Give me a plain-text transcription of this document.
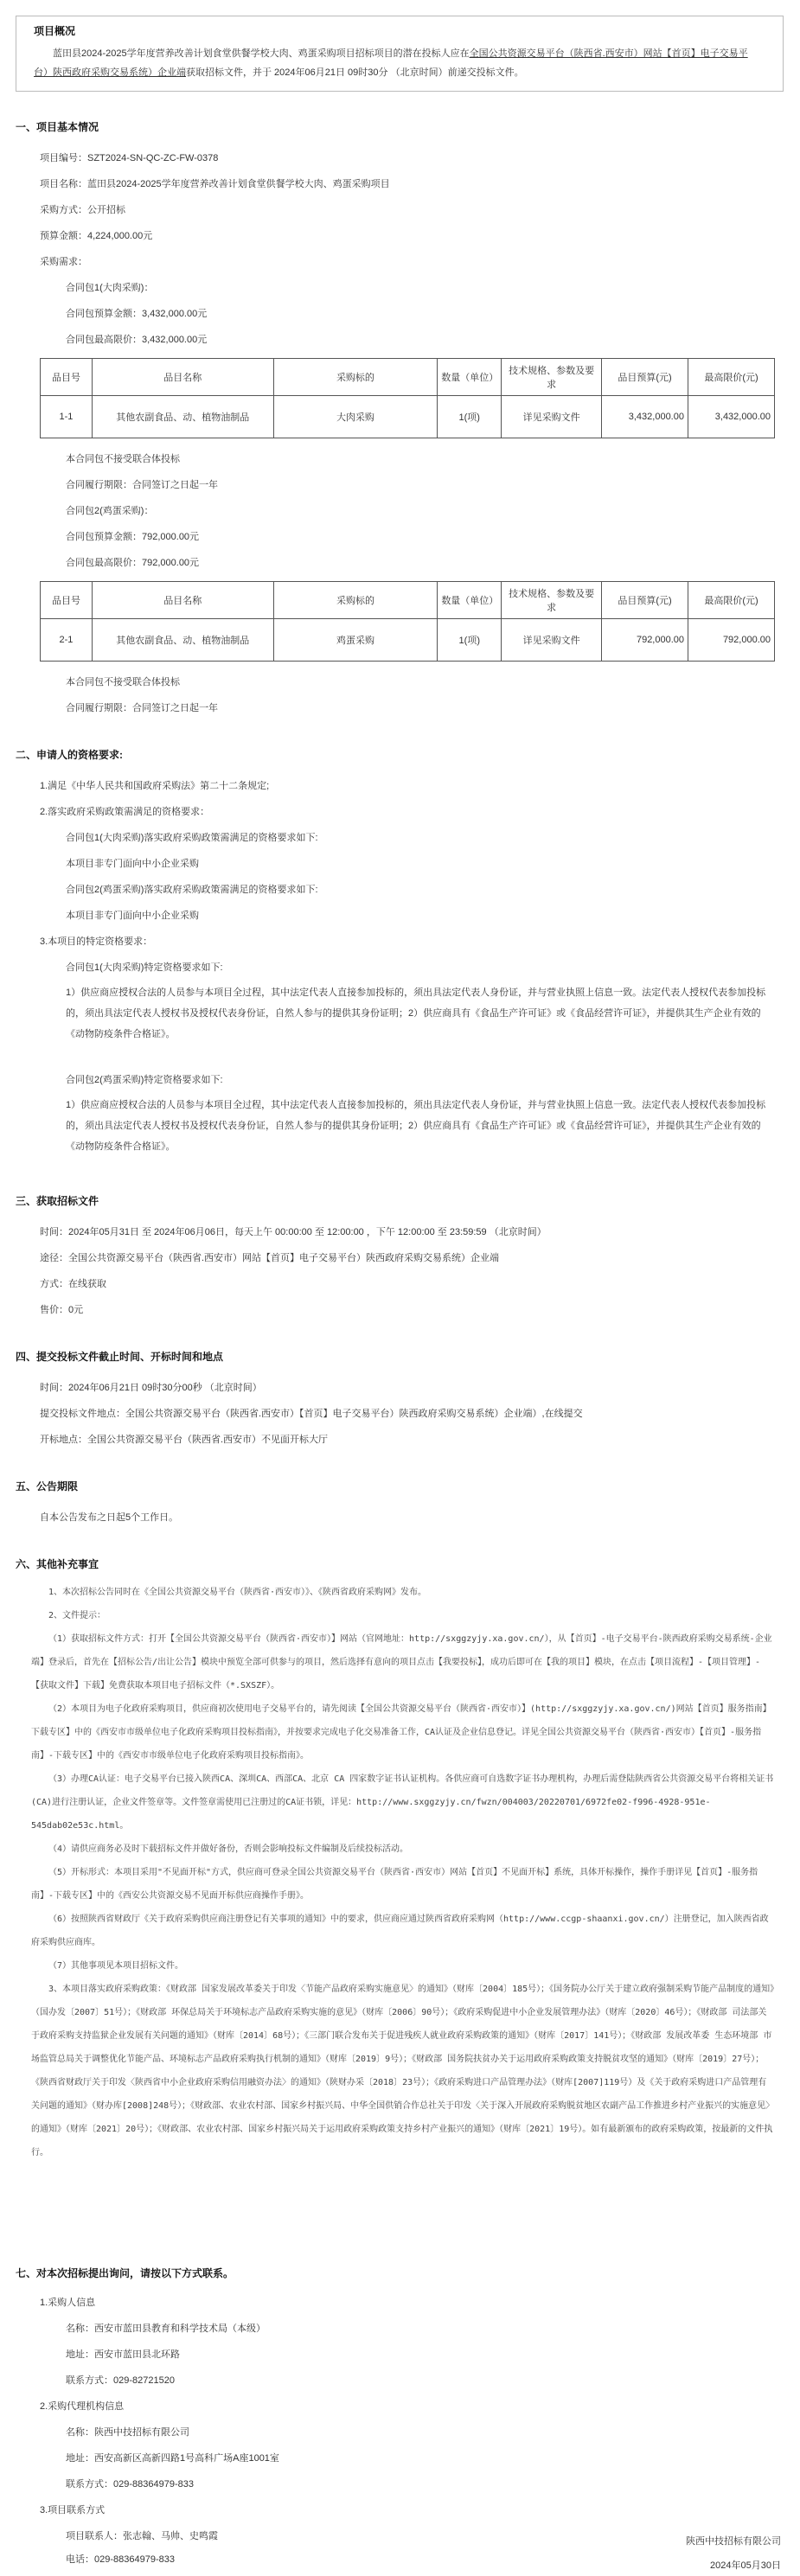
项目概况
蓝田县2024-2025学年度营养改善计划食堂供餐学校大肉、鸡蛋采购项目招标项目的潜在投标人应在全国公共资源交易平台（陕西省.西安市）网站【首页】电子交易平台）陕西政府采购交易系统）企业端获取招标文件，并于 2024年06月21日 09时30分 （北京时间）前递交投标文件。
一、项目基本情况
项目编号：SZT2024-SN-QC-ZC-FW-0378
项目名称：蓝田县2024-2025学年度营养改善计划食堂供餐学校大肉、鸡蛋采购项目
采购方式：公开招标
预算金额：4,224,000.00元
采购需求：
合同包1(大肉采购)：
合同包预算金额：3,432,000.00元
合同包最高限价：3,432,000.00元
品目号	品目名称	采购标的	数量（单位）	技术规格、参数及要求	品目预算(元)	最高限价(元)
1-1	其他农副食品、动、植物油制品	大肉采购	1(项)	详见采购文件	3,432,000.00	3,432,000.00
本合同包不接受联合体投标
合同履行期限：合同签订之日起一年
合同包2(鸡蛋采购)：
合同包预算金额：792,000.00元
合同包最高限价：792,000.00元
品目号	品目名称	采购标的	数量（单位）	技术规格、参数及要求	品目预算(元)	最高限价(元)
2-1	其他农副食品、动、植物油制品	鸡蛋采购	1(项)	详见采购文件	792,000.00	792,000.00
本合同包不接受联合体投标
合同履行期限：合同签订之日起一年
二、申请人的资格要求:
1.满足《中华人民共和国政府采购法》第二十二条规定;
2.落实政府采购政策需满足的资格要求：
合同包1(大肉采购)落实政府采购政策需满足的资格要求如下:
本项目非专门面向中小企业采购
合同包2(鸡蛋采购)落实政府采购政策需满足的资格要求如下:
本项目非专门面向中小企业采购
3.本项目的特定资格要求：
合同包1(大肉采购)特定资格要求如下:
1）供应商应授权合法的人员参与本项目全过程，其中法定代表人直接参加投标的，须出具法定代表人身份证，并与营业执照上信息一致。法定代表人授权代表参加投标的，须出具法定代表人授权书及授权代表身份证，自然人参与的提供其身份证明；2）供应商具有《食品生产许可证》或《食品经营许可证》，并提供其生产企业有效的《动物防疫条件合格证》。
合同包2(鸡蛋采购)特定资格要求如下:
1）供应商应授权合法的人员参与本项目全过程，其中法定代表人直接参加投标的，须出具法定代表人身份证，并与营业执照上信息一致。法定代表人授权代表参加投标的，须出具法定代表人授权书及授权代表身份证，自然人参与的提供其身份证明；2）供应商具有《食品生产许可证》或《食品经营许可证》，并提供其生产企业有效的《动物防疫条件合格证》。
三、获取招标文件
时间：2024年05月31日 至 2024年06月06日，每天上午 00:00:00 至 12:00:00 ，下午 12:00:00 至 23:59:59 （北京时间）
途径：全国公共资源交易平台（陕西省.西安市）网站【首页】电子交易平台）陕西政府采购交易系统）企业端
方式：在线获取
售价：0元
四、提交投标文件截止时间、开标时间和地点
时间：2024年06月21日 09时30分00秒 （北京时间）
提交投标文件地点：全国公共资源交易平台（陕西省.西安市）【首页】电子交易平台）陕西政府采购交易系统）企业端）,在线提交
开标地点：全国公共资源交易平台（陕西省.西安市）不见面开标大厅
五、公告期限
自本公告发布之日起5个工作日。
六、其他补充事宜

1、本次招标公告同时在《全国公共资源交易平台（陕西省·西安市）》、《陕西省政府采购网》发布。

2、文件提示：

（1）获取招标文件方式：打开【全国公共资源交易平台（陕西省·西安市）】网站（官网地址：http://sxggzyjy.xa.gov.cn/），从【首页】-电子交易平台-陕西政府采购交易系统-企业端】登录后，首先在【招标公告/出让公告】模块中预览全部可供参与的项目，然后选择有意向的项目点击【我要投标】，成功后即可在【我的项目】模块，在点击【项目流程】-【项目管理】-【获取文件】下载】免费获取本项目电子招标文件（*.SXSZF）。

（2）本项目为电子化政府采购项目，供应商初次使用电子交易平台的，请先阅读【全国公共资源交易平台（陕西省·西安市）】(http://sxggzyjy.xa.gov.cn/)网站【首页】服务指南】下载专区】中的《西安市市级单位电子化政府采购项目投标指南》，并按要求完成电子化交易准备工作，CA认证及企业信息登记。详见全国公共资源交易平台（陕西省·西安市）【首页】-服务指南】-下载专区】中的《西安市市级单位电子化政府采购项目投标指南》。

（3）办理CA认证：电子交易平台已接入陕西CA、深圳CA、西部CA、北京 CA 四家数字证书认证机构。各供应商可自选数字证书办理机构，办理后需登陆陕西省公共资源交易平台将相关证书(CA)进行注册认证，企业文件签章等。文件签章需使用已注册过的CA证书锁，详见：http://www.sxggzyjy.cn/fwzn/004003/20220701/6972fe02-f996-4928-951e-545dab02e53c.html。

（4）请供应商务必及时下载招标文件并做好备份，否则会影响投标文件编制及后续投标活动。

（5）开标形式：本项目采用"不见面开标"方式，供应商可登录全国公共资源交易平台（陕西省·西安市）网站【首页】不见面开标】系统，具体开标操作，操作手册详见【首页】-服务指南】-下载专区】中的《西安公共资源交易不见面开标供应商操作手册》。

（6）按照陕西省财政厅《关于政府采购供应商注册登记有关事项的通知》中的要求，供应商应通过陕西省政府采购网（http://www.ccgp-shaanxi.gov.cn/）注册登记，加入陕西省政府采购供应商库。

（7）其他事项见本项目招标文件。

3、本项目落实政府采购政策：《财政部 国家发展改革委关于印发〈节能产品政府采购实施意见〉的通知》（财库〔2004〕185号）；《国务院办公厅关于建立政府强制采购节能产品制度的通知》（国办发〔2007〕51号）；《财政部 环保总局关于环境标志产品政府采购实施的意见》（财库〔2006〕90号）；《政府采购促进中小企业发展管理办法》（财库〔2020〕46号）；《财政部 司法部关于政府采购支持监狱企业发展有关问题的通知》（财库〔2014〕68号）；《三部门联合发布关于促进残疾人就业政府采购政策的通知》（财库〔2017〕141号）；《财政部 发展改革委 生态环境部 市场监管总局关于调整优化节能产品、环境标志产品政府采购执行机制的通知》（财库〔2019〕9号）；《财政部 国务院扶贫办关于运用政府采购政策支持脱贫攻坚的通知》（财库〔2019〕27号）；《陕西省财政厅关于印发〈陕西省中小企业政府采购信用融资办法〉的通知》（陕财办采〔2018〕23号）；《政府采购进口产品管理办法》（财库[2007]119号）及《关于政府采购进口产品管理有关问题的通知》（财办库[2008]248号）；《财政部、农业农村部、国家乡村振兴局、中华全国供销合作总社关于印发〈关于深入开展政府采购脱贫地区农副产品工作推进乡村产业振兴的实施意见〉的通知》（财库〔2021〕20号）；《财政部、农业农村部、国家乡村振兴局关于运用政府采购政策支持乡村产业振兴的通知》（财库〔2021〕19号）。如有最新颁布的政府采购政策，按最新的文件执行。

七、对本次招标提出询问，请按以下方式联系。
1.采购人信息
名称：西安市蓝田县教育和科学技术局（本级）
地址：西安市蓝田县北环路
联系方式：029-82721520
2.采购代理机构信息
名称：陕西中技招标有限公司
地址：西安高新区高新四路1号高科广场A座1001室
联系方式：029-88364979-833
3.项目联系方式
项目联系人：张志翰、马帅、史鸣霞
电话：029-88364979-833
陕西中技招标有限公司
2024年05月30日
